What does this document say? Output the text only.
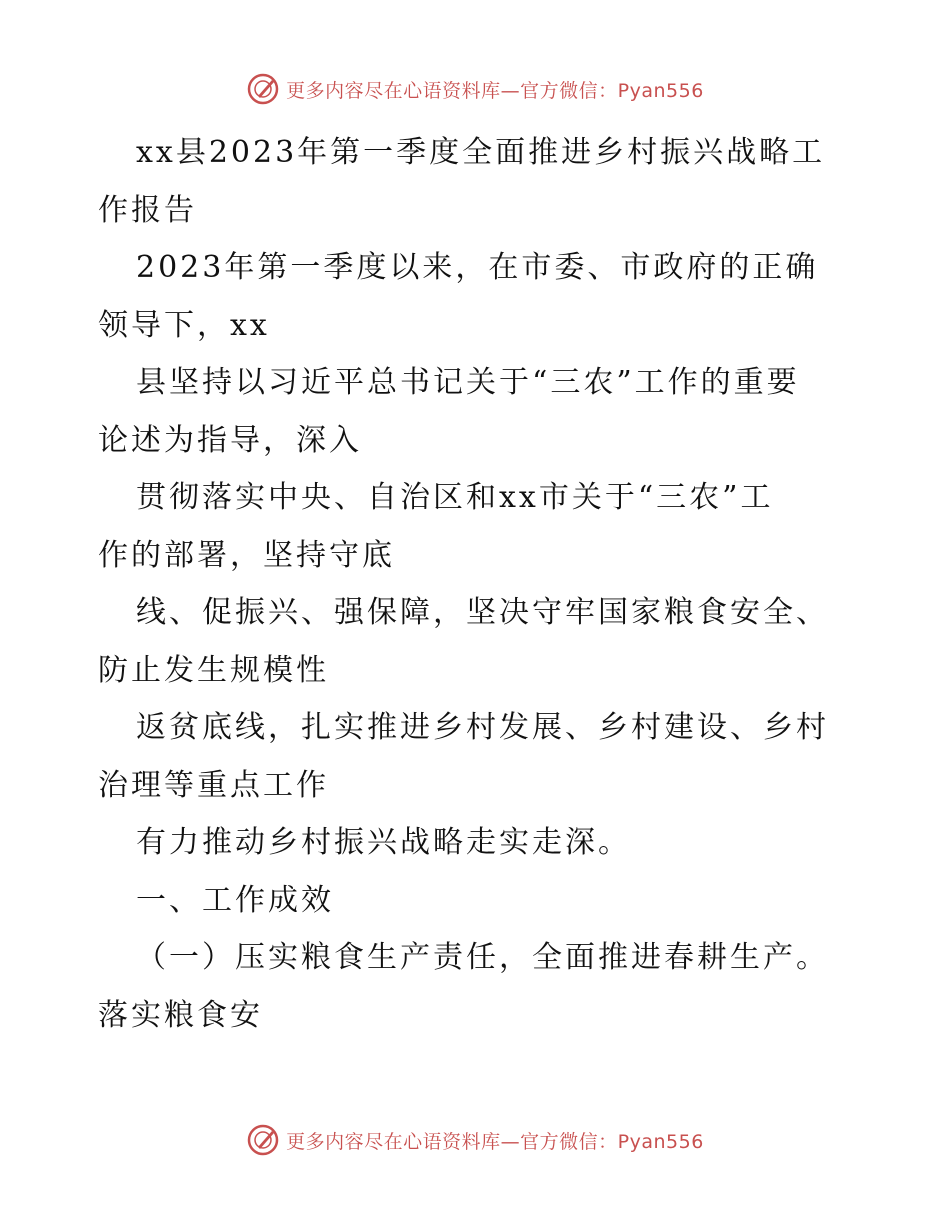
更多内容尽在心语资料库—官方微信：Pyan556
xx县2023年第一季度全面推进乡村振兴战略工
作报告
2023年第一季度以来，在市委、市政府的正确
领导下，xx
县坚持以习近平总书记关于“三农”工作的重要
论述为指导，深入
贯彻落实中央、自治区和xx市关于“三农”工
作的部署，坚持守底
线、促振兴、强保障，坚决守牢国家粮食安全、
防止发生规模性
返贫底线，扎实推进乡村发展、乡村建设、乡村
治理等重点工作
有力推动乡村振兴战略走实走深。
一、工作成效
（一）压实粮食生产责任，全面推进春耕生产。
落实粮食安
更多内容尽在心语资料库—官方微信：Pyan556
